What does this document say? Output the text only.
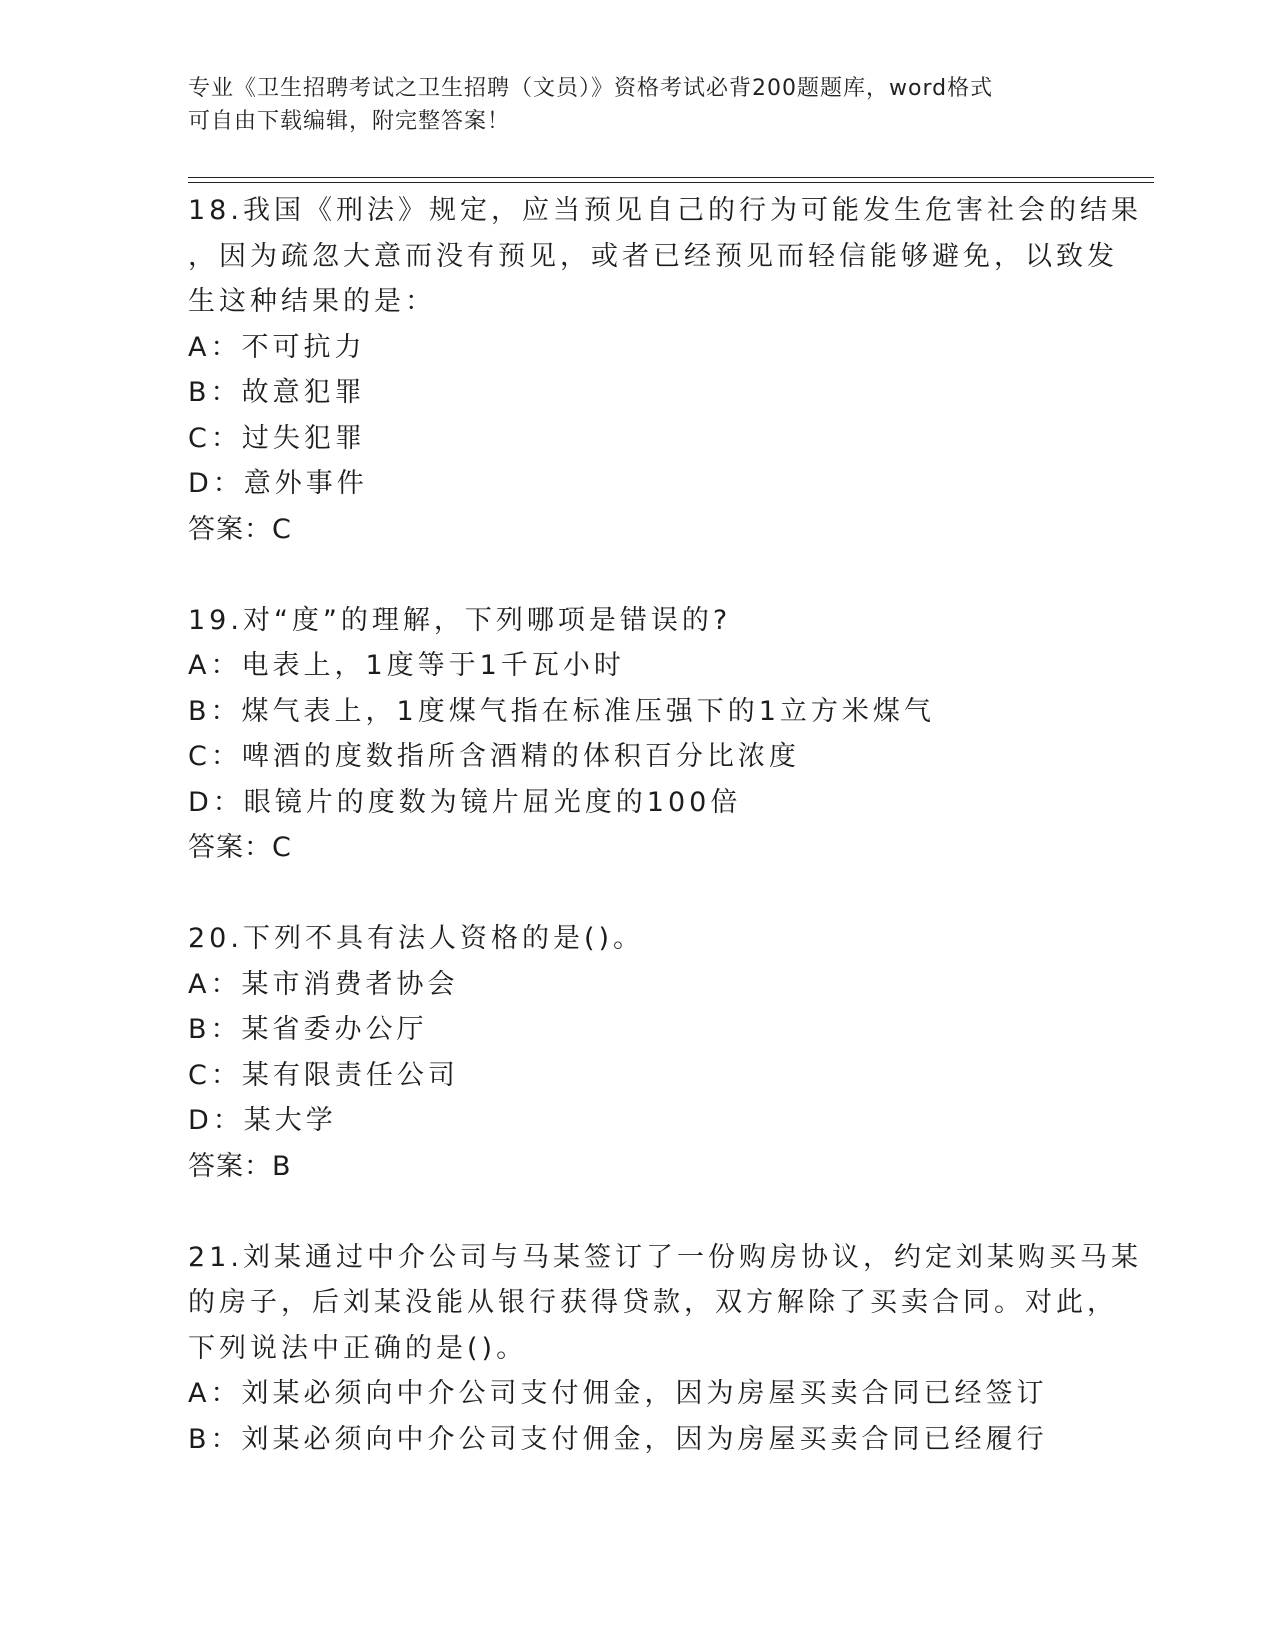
专业《卫生招聘考试之卫生招聘（文员）》资格考试必背200题题库，word格式
可自由下载编辑，附完整答案！
18.我国《刑法》规定，应当预见自己的行为可能发生危害社会的结果
，因为疏忽大意而没有预见，或者已经预见而轻信能够避免，以致发
生这种结果的是：
A：不可抗力
B：故意犯罪
C：过失犯罪
D：意外事件
答案：C
19.对“度”的理解，下列哪项是错误的?
A：电表上，1度等于1千瓦小时
B：煤气表上，1度煤气指在标准压强下的1立方米煤气
C：啤酒的度数指所含酒精的体积百分比浓度
D：眼镜片的度数为镜片屈光度的100倍
答案：C
20.下列不具有法人资格的是()。
A：某市消费者协会
B：某省委办公厅
C：某有限责任公司
D：某大学
答案：B
21.刘某通过中介公司与马某签订了一份购房协议，约定刘某购买马某
的房子，后刘某没能从银行获得贷款，双方解除了买卖合同。对此，
下列说法中正确的是()。
A：刘某必须向中介公司支付佣金，因为房屋买卖合同已经签订
B：刘某必须向中介公司支付佣金，因为房屋买卖合同已经履行
